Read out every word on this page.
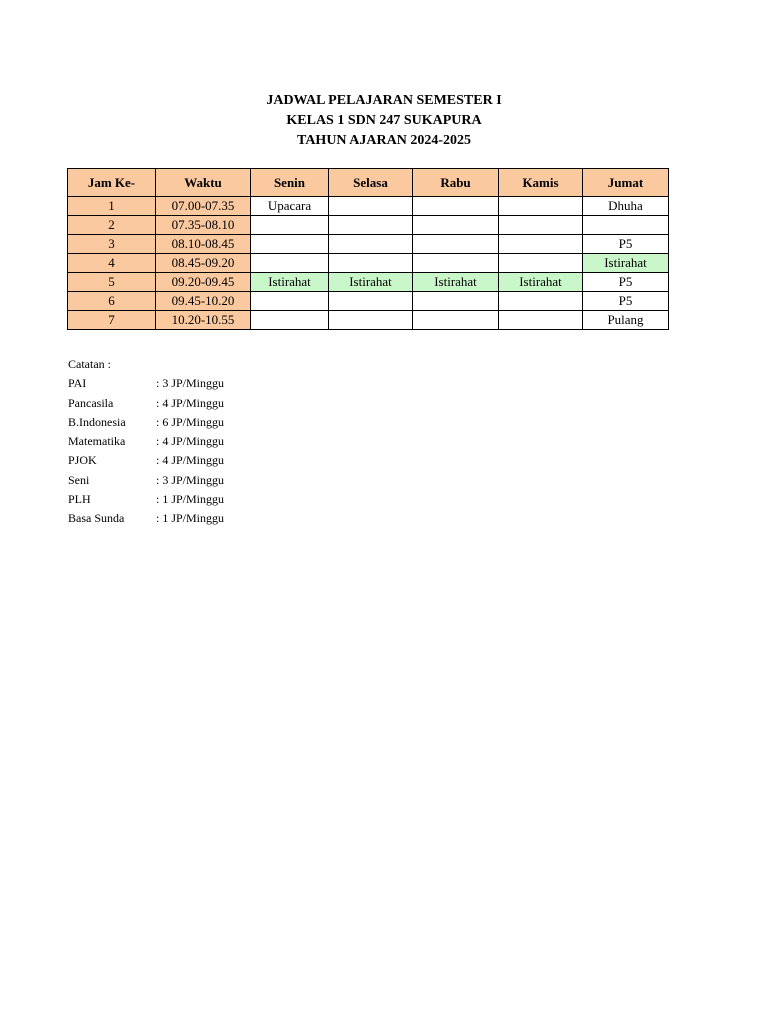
JADWAL PELAJARAN SEMESTER I
KELAS 1 SDN 247 SUKAPURA
TAHUN AJARAN 2024-2025
Jam Ke-	Waktu	Senin	Selasa	Rabu	Kamis	Jumat
1	07.00-07.35	Upacara				Dhuha
2	07.35-08.10					
3	08.10-08.45					P5
4	08.45-09.20					Istirahat
5	09.20-09.45	Istirahat	Istirahat	Istirahat	Istirahat	P5
6	09.45-10.20					P5
7	10.20-10.55					Pulang
Catatan :
PAI	: 3 JP/Minggu
Pancasila	: 4 JP/Minggu
B.Indonesia	: 6 JP/Minggu
Matematika	: 4 JP/Minggu
PJOK	: 4 JP/Minggu
Seni	: 3 JP/Minggu
PLH	: 1 JP/Minggu
Basa Sunda	: 1 JP/Minggu
